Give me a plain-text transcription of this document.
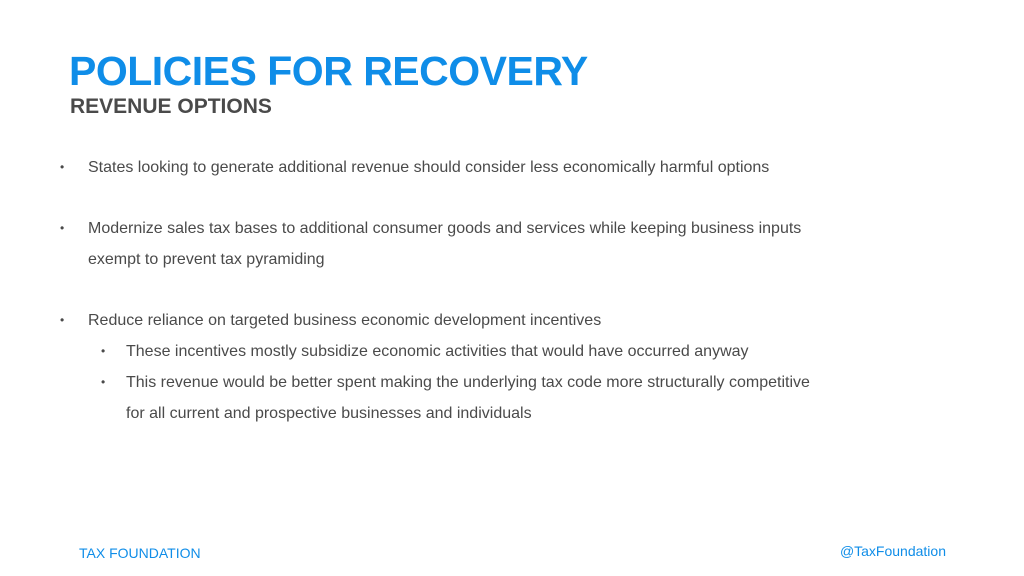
POLICIES FOR RECOVERY
REVENUE OPTIONS
• States looking to generate additional revenue should consider less economically harmful options
• Modernize sales tax bases to additional consumer goods and services while keeping business inputs
exempt to prevent tax pyramiding
• Reduce reliance on targeted business economic development incentives
• These incentives mostly subsidize economic activities that would have occurred anyway
• This revenue would be better spent making the underlying tax code more structurally competitive
for all current and prospective businesses and individuals
TAX FOUNDATION	@TaxFoundation
